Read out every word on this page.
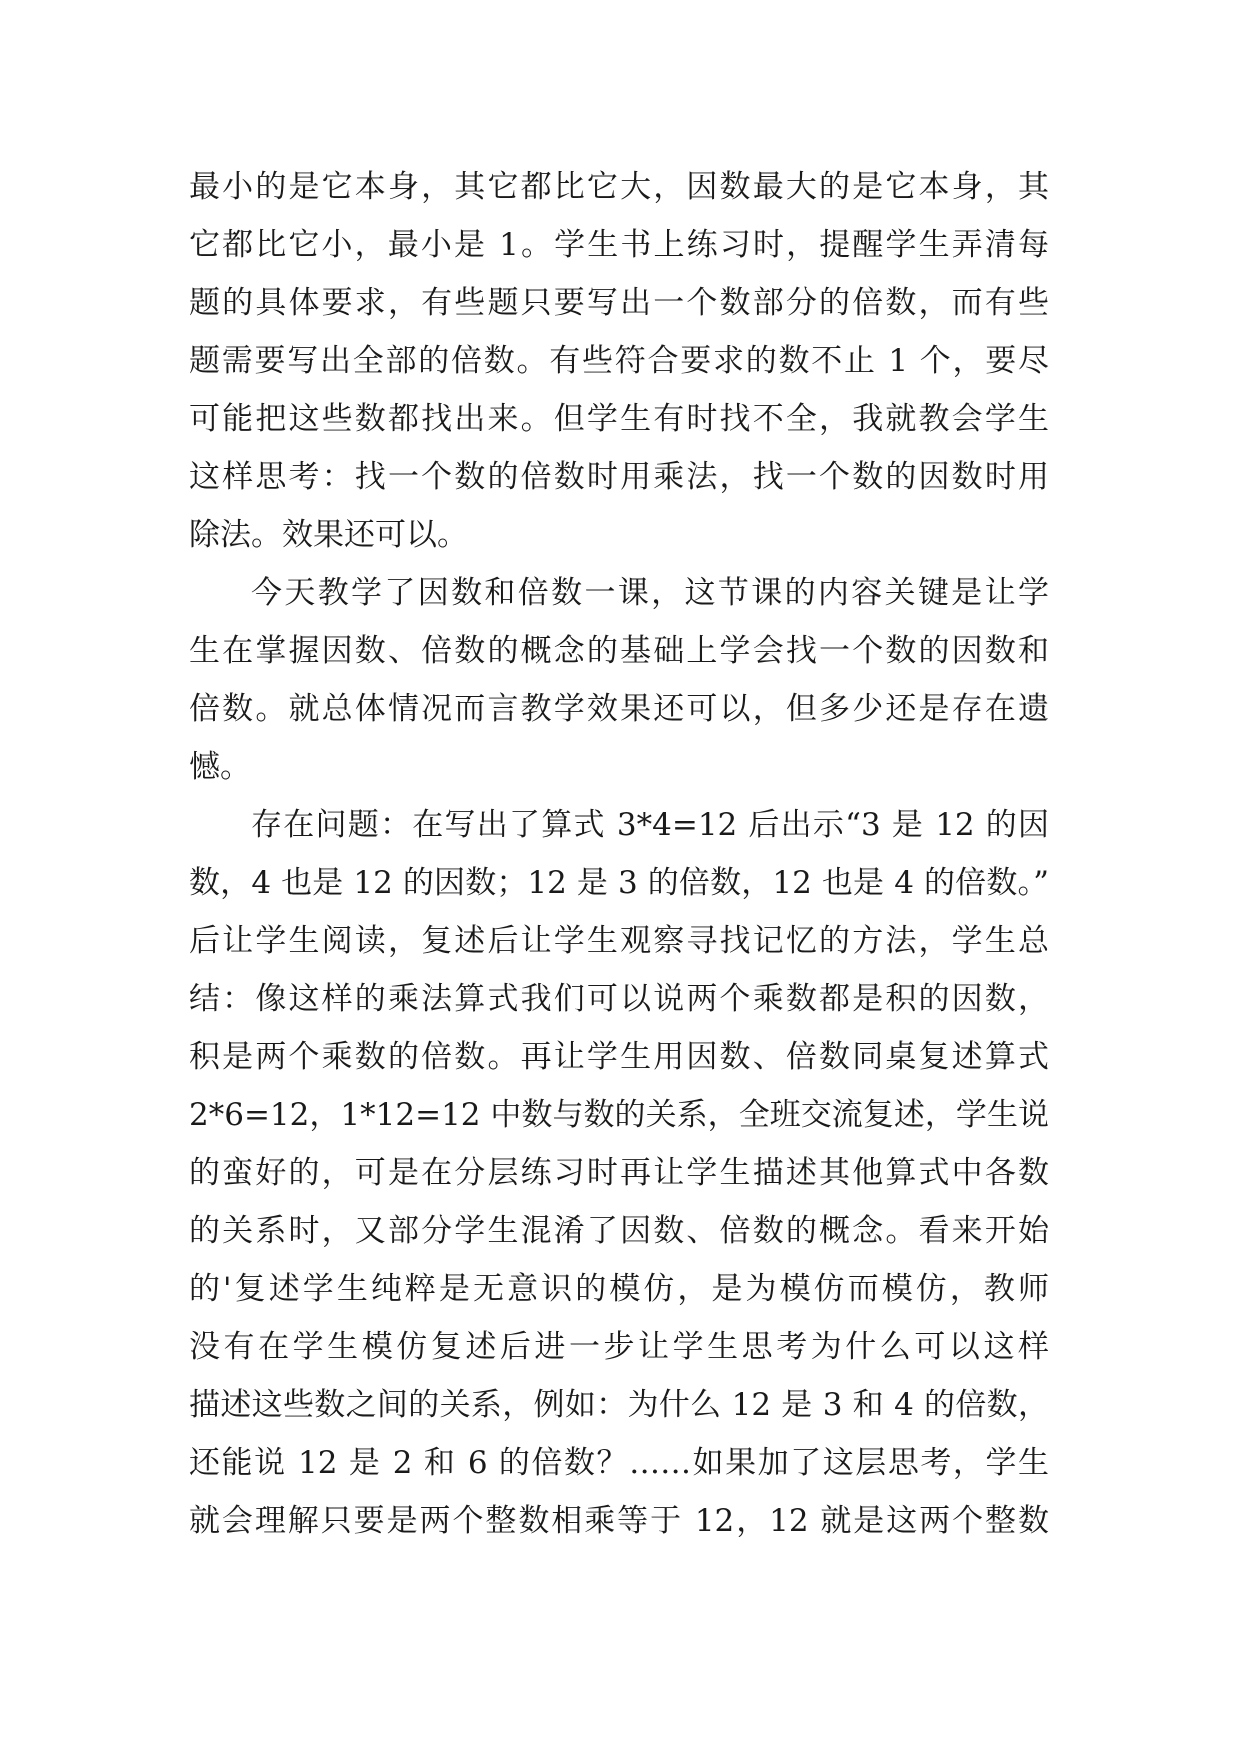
最小的是它本身，其它都比它大，因数最大的是它本身，其
它都比它小，最小是 1。学生书上练习时，提醒学生弄清每
题的具体要求，有些题只要写出一个数部分的倍数，而有些
题需要写出全部的倍数。有些符合要求的数不止 1 个，要尽
可能把这些数都找出来。但学生有时找不全，我就教会学生
这样思考：找一个数的倍数时用乘法，找一个数的因数时用
除法。效果还可以。
今天教学了因数和倍数一课，这节课的内容关键是让学
生在掌握因数、倍数的概念的基础上学会找一个数的因数和
倍数。就总体情况而言教学效果还可以，但多少还是存在遗
憾。
存在问题：在写出了算式 3*4=12 后出示“3 是 12 的因
数，4 也是 12 的因数；12 是 3 的倍数，12 也是 4 的倍数。”
后让学生阅读，复述后让学生观察寻找记忆的方法，学生总
结：像这样的乘法算式我们可以说两个乘数都是积的因数，
积是两个乘数的倍数。再让学生用因数、倍数同桌复述算式
2*6=12，1*12=12 中数与数的关系，全班交流复述，学生说
的蛮好的，可是在分层练习时再让学生描述其他算式中各数
的关系时，又部分学生混淆了因数、倍数的概念。看来开始
的'复述学生纯粹是无意识的模仿，是为模仿而模仿，教师
没有在学生模仿复述后进一步让学生思考为什么可以这样
描述这些数之间的关系，例如：为什么 12 是 3 和 4 的倍数，
还能说 12 是 2 和 6 的倍数？……如果加了这层思考，学生
就会理解只要是两个整数相乘等于 12，12 就是这两个整数
